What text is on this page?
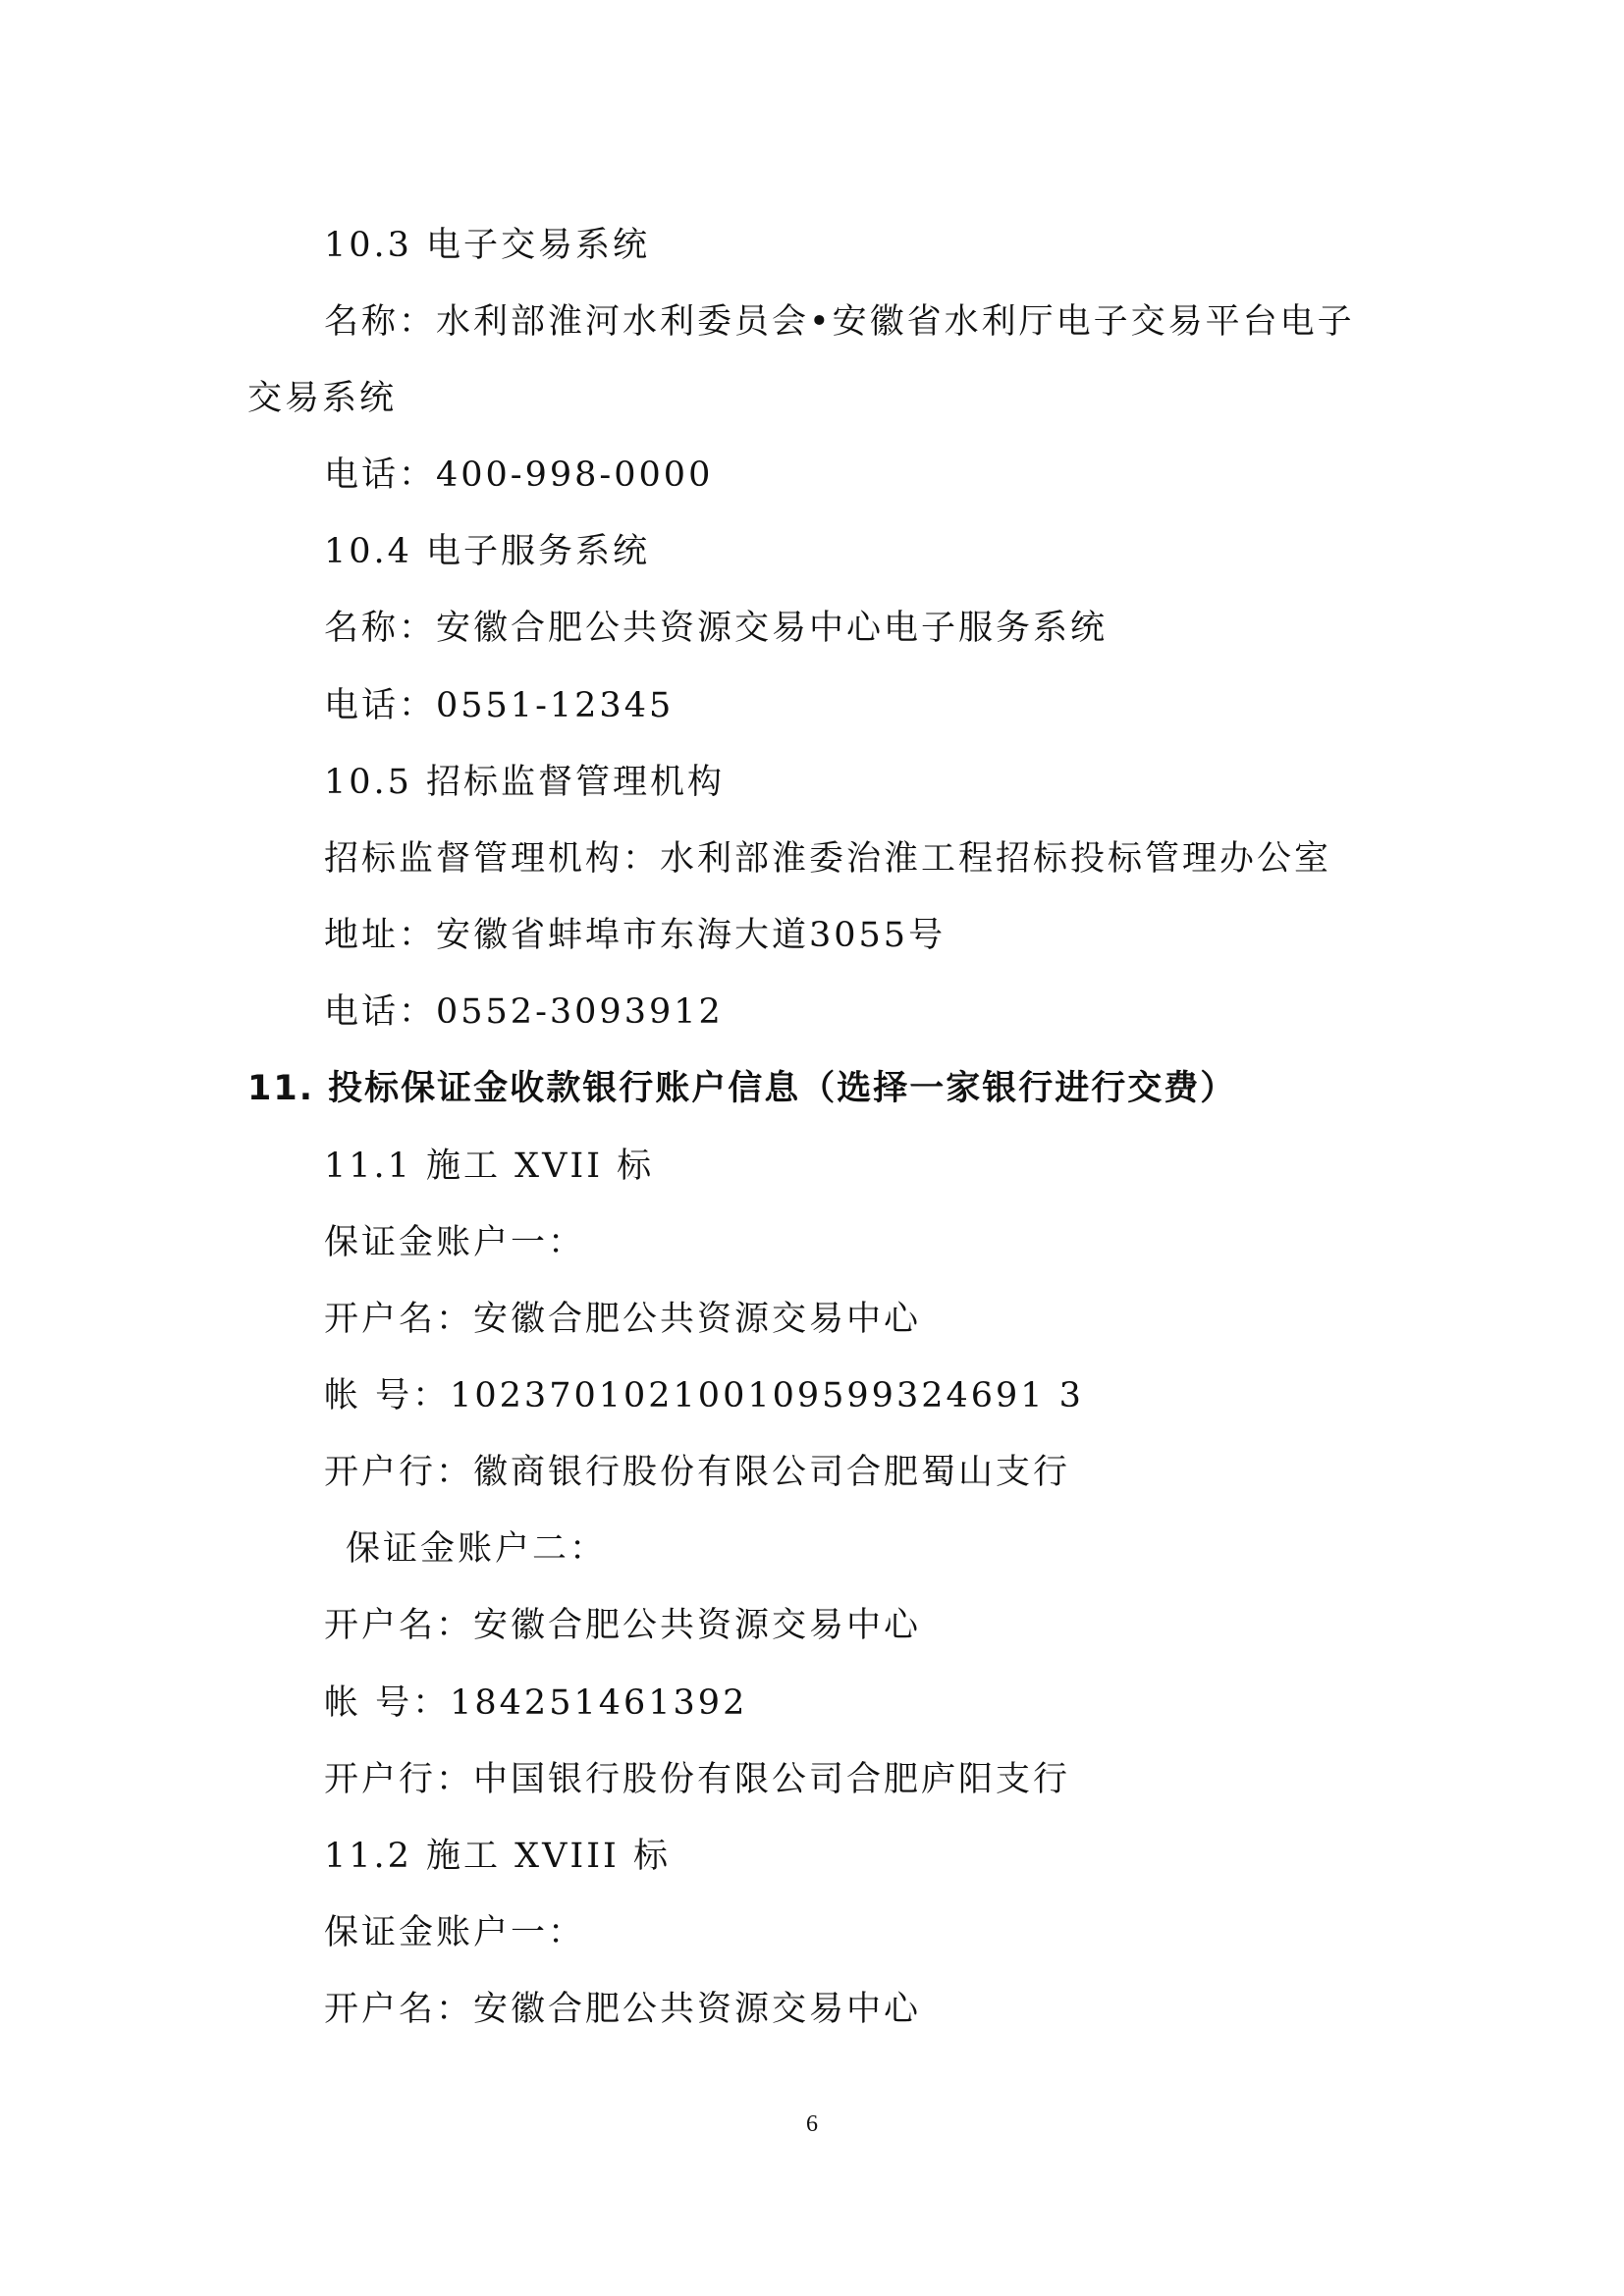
10.3 电子交易系统
名称：水利部淮河水利委员会•安徽省水利厅电子交易平台电子
交易系统
电话：400-998-0000
10.4 电子服务系统
名称：安徽合肥公共资源交易中心电子服务系统
电话：0551-12345
10.5 招标监督管理机构
招标监督管理机构：水利部淮委治淮工程招标投标管理办公室
地址：安徽省蚌埠市东海大道3055号
电话：0552-3093912
11. 投标保证金收款银行账户信息（选择一家银行进行交费）
11.1 施工 XVII 标
保证金账户一：
开户名：安徽合肥公共资源交易中心
帐 号：102370102100109599324691 3
开户行：徽商银行股份有限公司合肥蜀山支行
保证金账户二：
开户名：安徽合肥公共资源交易中心
帐 号：184251461392
开户行：中国银行股份有限公司合肥庐阳支行
11.2 施工 XVIII 标
保证金账户一：
开户名：安徽合肥公共资源交易中心
6
